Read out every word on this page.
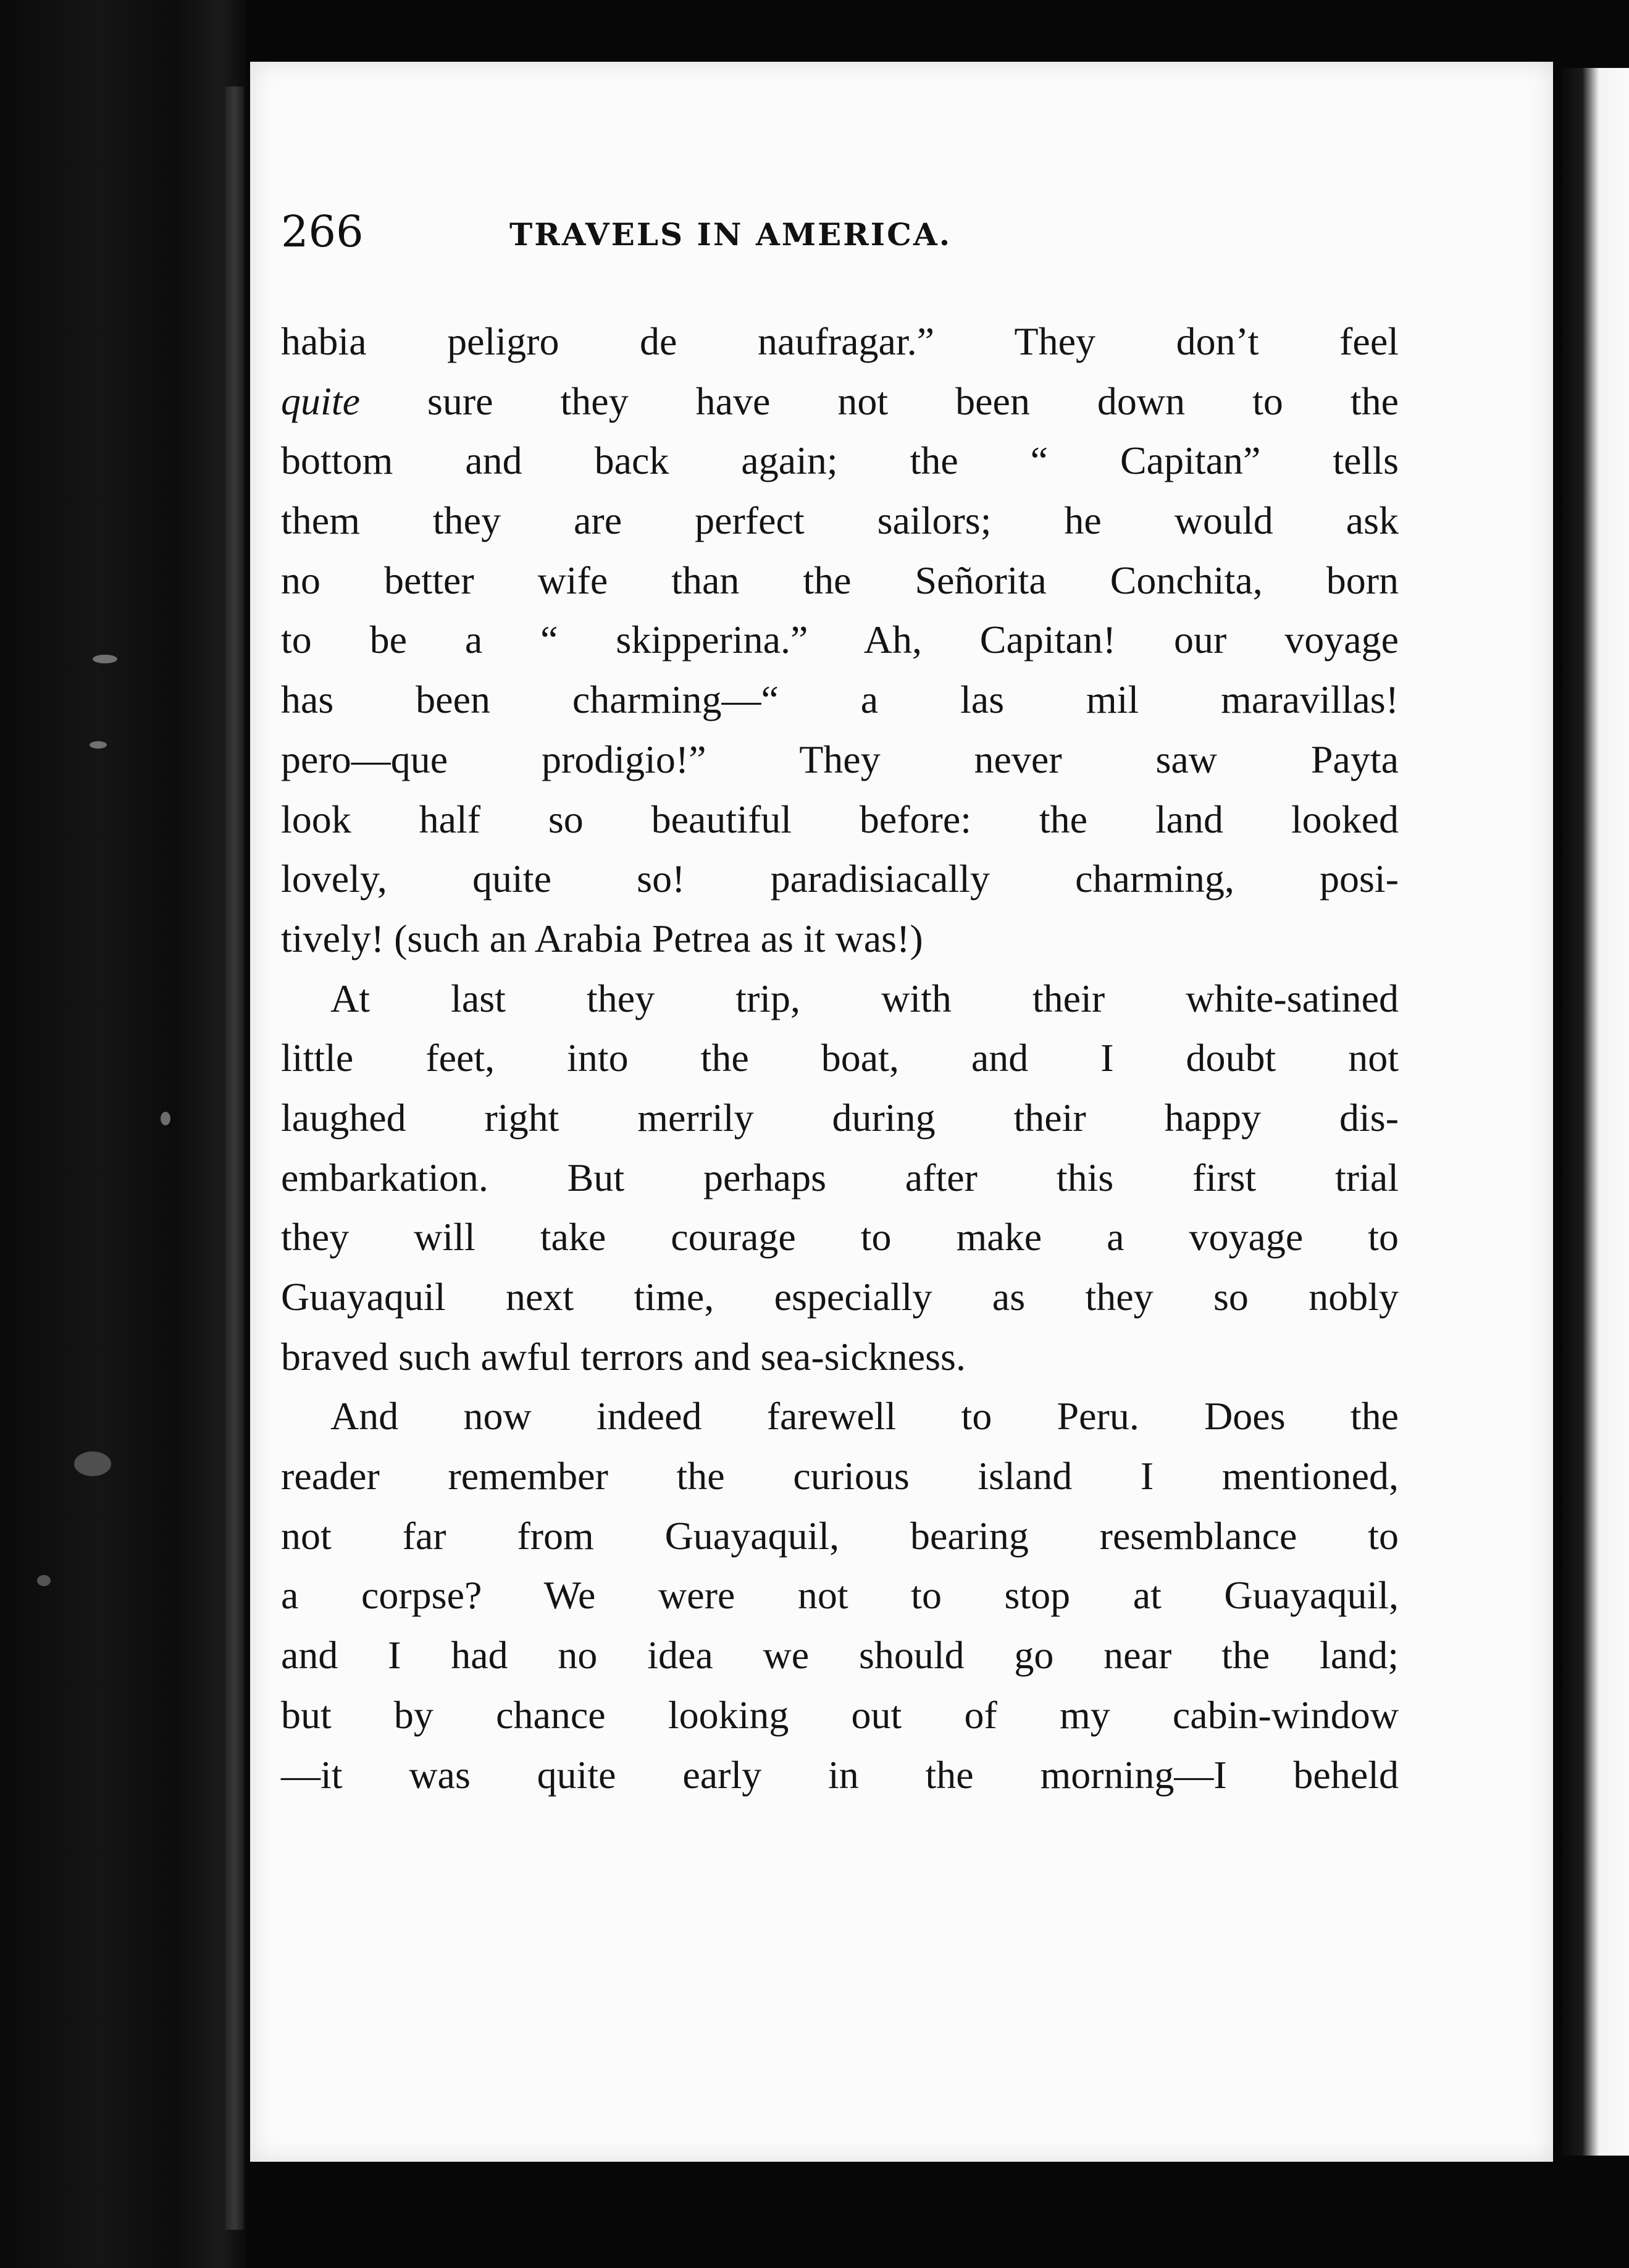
266	TRAVELS IN AMERICA.
habia peligro de naufragar.” They don’t feel
quite sure they have not been down to the
bottom and back again; the “ Capitan” tells
them they are perfect sailors; he would ask
no better wife than the Señorita Conchita, born
to be a “ skipperina.” Ah, Capitan! our voyage
has been charming—“ a las mil maravillas!
pero—que prodigio!” They never saw Payta
look half so beautiful before: the land looked
lovely, quite so! paradisiacally charming, posi-
tively! (such an Arabia Petrea as it was!)
At last they trip, with their white-satined
little feet, into the boat, and I doubt not
laughed right merrily during their happy dis-
embarkation. But perhaps after this first trial
they will take courage to make a voyage to
Guayaquil next time, especially as they so nobly
braved such awful terrors and sea-sickness.
And now indeed farewell to Peru. Does the
reader remember the curious island I mentioned,
not far from Guayaquil, bearing resemblance to
a corpse? We were not to stop at Guayaquil,
and I had no idea we should go near the land;
but by chance looking out of my cabin-window
—it was quite early in the morning—I beheld
